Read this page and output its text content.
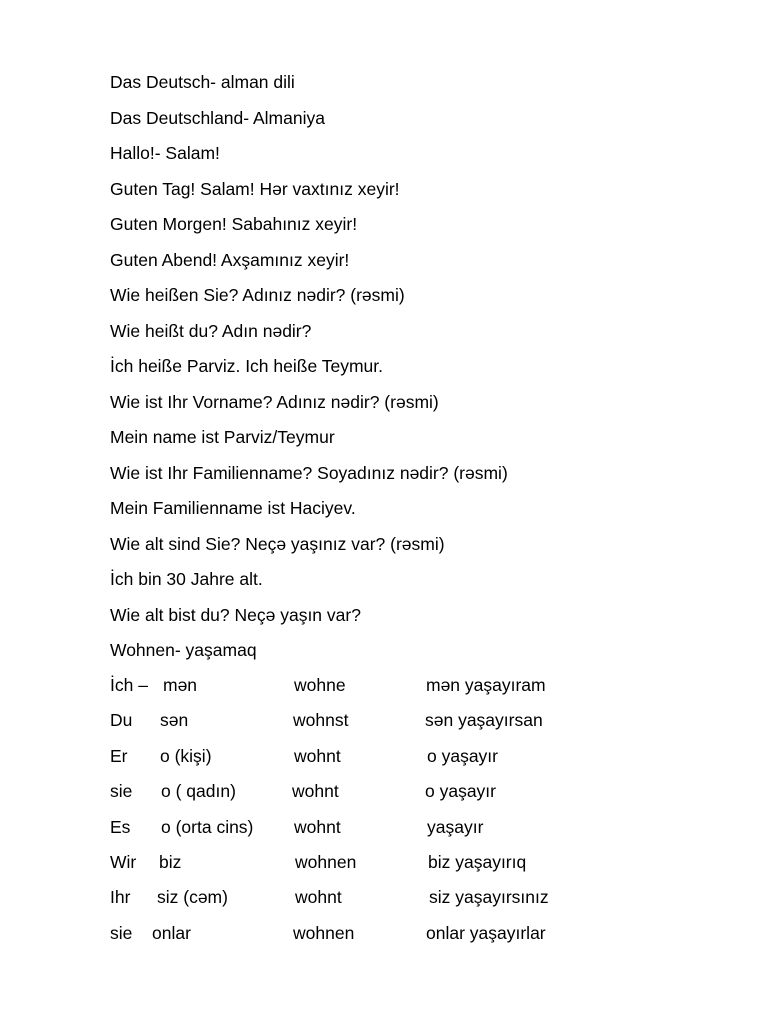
Das Deutsch- alman dili
Das Deutschland- Almaniya
Hallo!- Salam!
Guten Tag! Salam! Hər vaxtınız xeyir!
Guten Morgen! Sabahınız xeyir!
Guten Abend! Axşamınız xeyir!
Wie heißen Sie? Adınız nədir? (rəsmi)
Wie heißt du? Adın nədir?
İch heiße Parviz. Ich heiße Teymur.
Wie ist Ihr Vorname? Adınız nədir? (rəsmi)
Mein name ist Parviz/Teymur
Wie ist Ihr Familienname? Soyadınız nədir? (rəsmi)
Mein Familienname ist Haciyev.
Wie alt sind Sie? Neçə yaşınız var? (rəsmi)
İch bin 30 Jahre alt.
Wie alt bist du? Neçə yaşın var?
Wohnen- yaşamaq
İch – mən	wohne	mən yaşayıram
Du sən	wohnst	sən yaşayırsan
Er o (kişi)	wohnt	o yaşayır
sie o ( qadın)	wohnt	o yaşayır
Es o (orta cins) wohnt	yaşayır
Wir biz	wohnen	biz yaşayırıq
Ihr siz (cəm)	wohnt	siz yaşayırsınız
sie onlar	wohnen	onlar yaşayırlar
